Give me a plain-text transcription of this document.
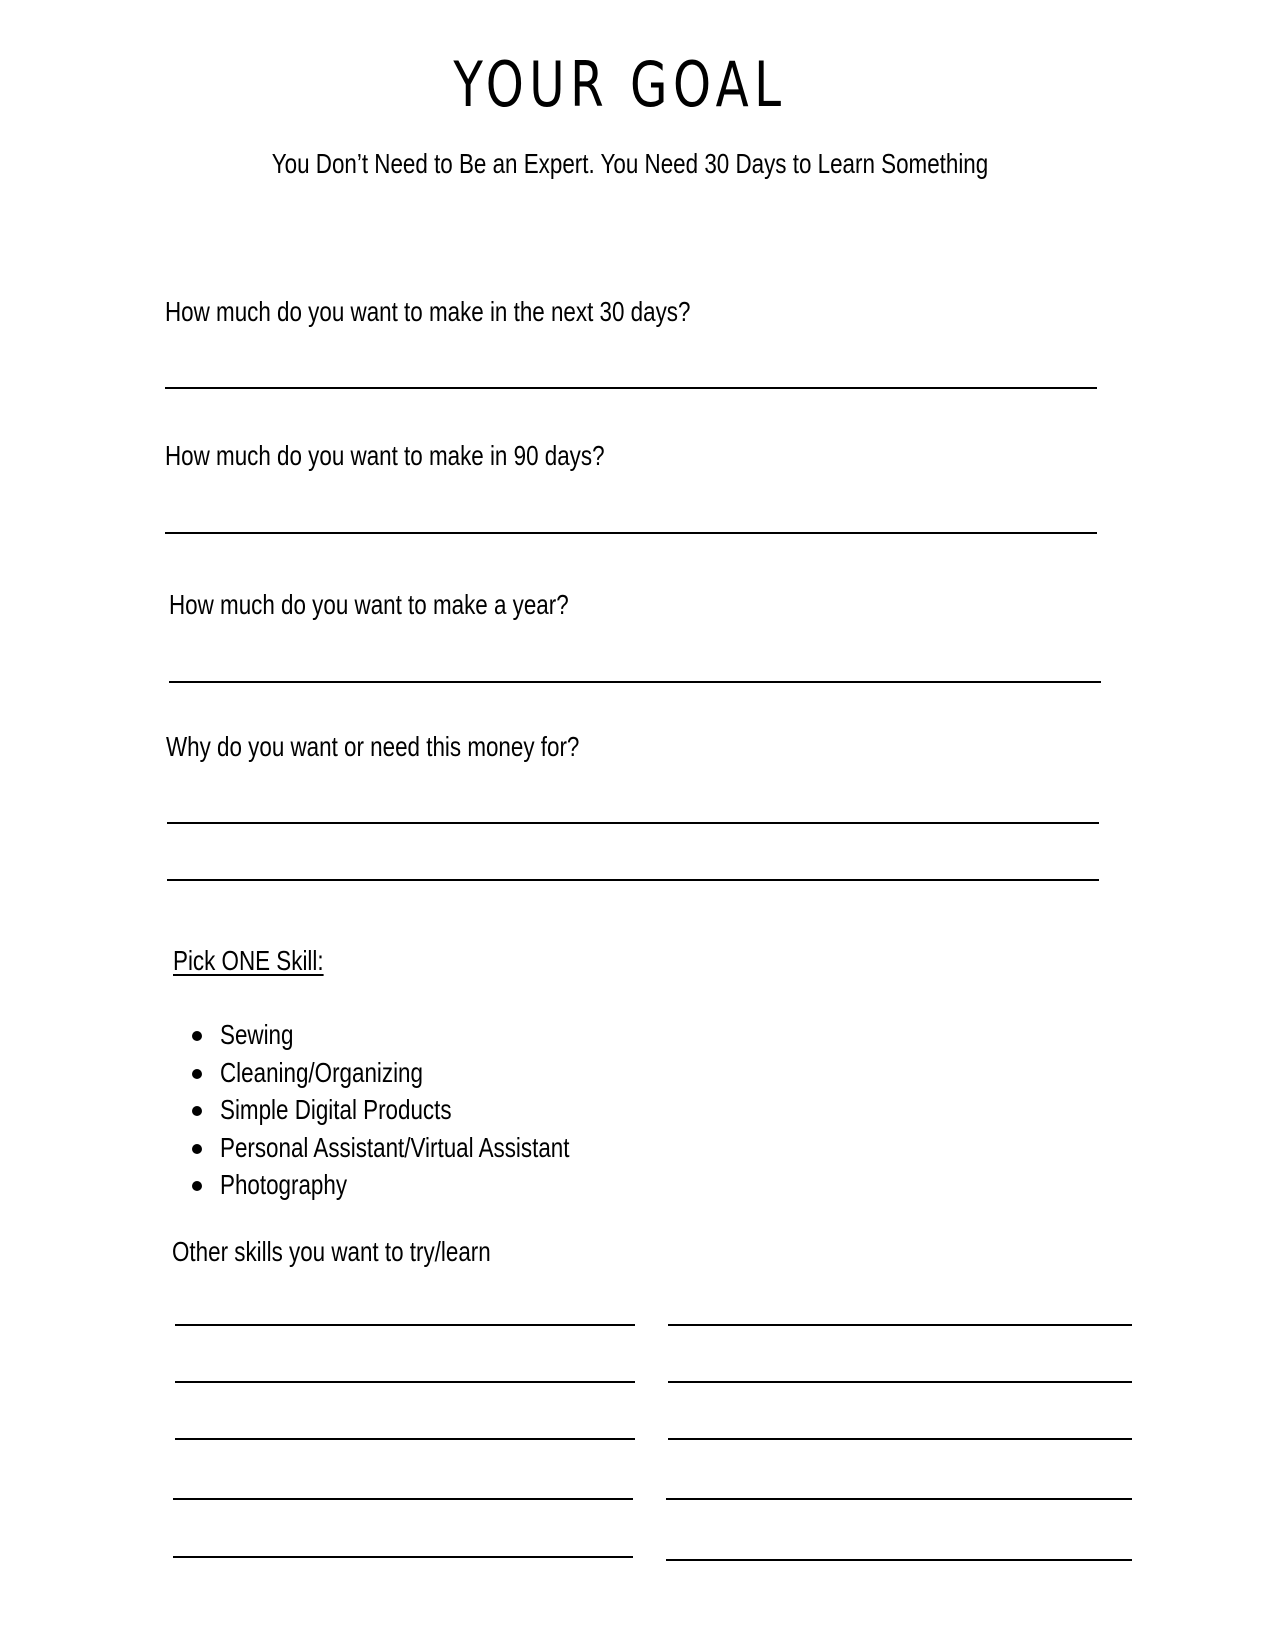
YOUR GOAL

You Don’t Need to Be an Expert. You Need 30 Days to Learn Something

How much do you want to make in the next 30 days?

How much do you want to make in 90 days?

How much do you want to make a year?

Why do you want or need this money for?

Pick ONE Skill:

Sewing
Cleaning/Organizing
Simple Digital Products
Personal Assistant/Virtual Assistant
Photography

Other skills you want to try/learn
